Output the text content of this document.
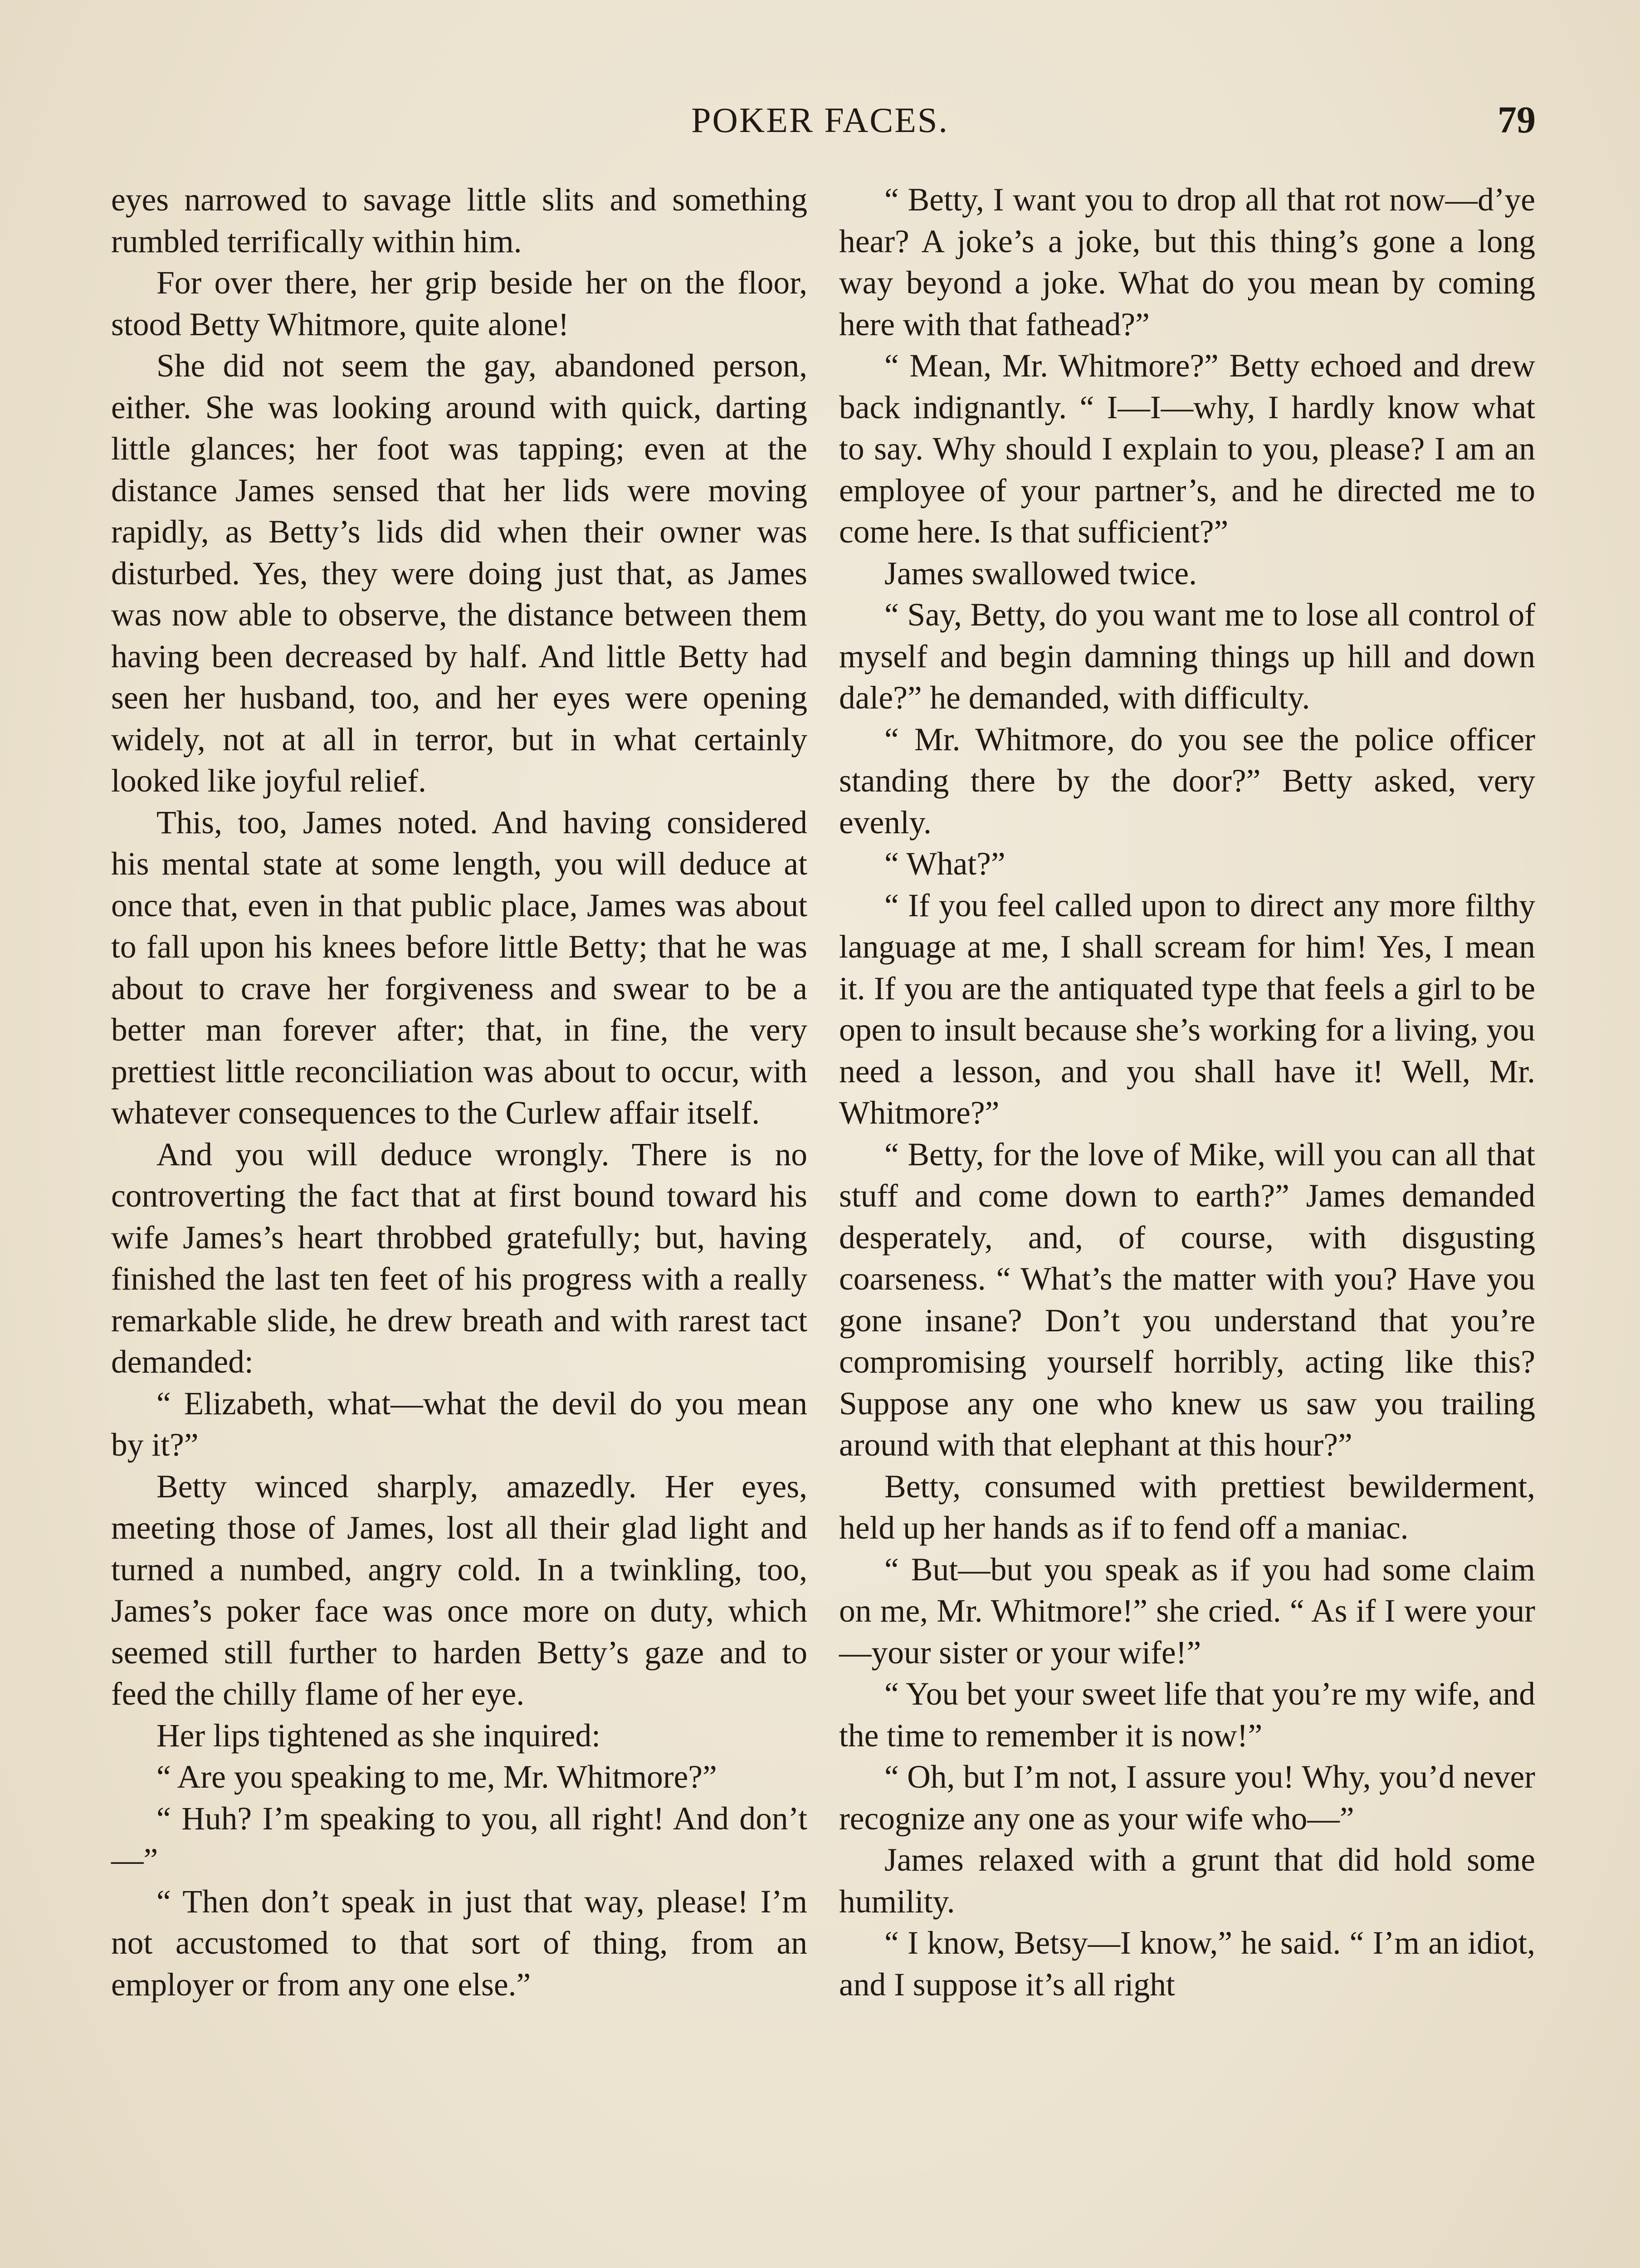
POKER FACES.	79

eyes narrowed to savage little slits and something rumbled terrifically within him.

For over there, her grip beside her on the floor, stood Betty Whitmore, quite alone!

She did not seem the gay, abandoned person, either. She was looking around with quick, darting little glances; her foot was tapping; even at the distance James sensed that her lids were moving rapidly, as Betty’s lids did when their owner was disturbed. Yes, they were doing just that, as James was now able to observe, the distance between them having been decreased by half. And little Betty had seen her husband, too, and her eyes were opening widely, not at all in terror, but in what certainly looked like joyful relief.

This, too, James noted. And having considered his mental state at some length, you will deduce at once that, even in that public place, James was about to fall upon his knees before little Betty; that he was about to crave her forgiveness and swear to be a better man forever after; that, in fine, the very prettiest little reconciliation was about to occur, with whatever consequences to the Curlew affair itself.

And you will deduce wrongly. There is no controverting the fact that at first bound toward his wife James’s heart throbbed gratefully; but, having finished the last ten feet of his progress with a really remarkable slide, he drew breath and with rarest tact demanded:

“ Elizabeth, what—what the devil do you mean by it?”

Betty winced sharply, amazedly. Her eyes, meeting those of James, lost all their glad light and turned a numbed, angry cold. In a twinkling, too, James’s poker face was once more on duty, which seemed still further to harden Betty’s gaze and to feed the chilly flame of her eye.

Her lips tightened as she inquired:

“ Are you speaking to me, Mr. Whitmore?”

“ Huh? I’m speaking to you, all right! And don’t—”

“ Then don’t speak in just that way, please! I’m not accustomed to that sort of thing, from an employer or from any one else.”

“ Betty, I want you to drop all that rot now—d’ye hear? A joke’s a joke, but this thing’s gone a long way beyond a joke. What do you mean by coming here with that fathead?”

“ Mean, Mr. Whitmore?” Betty echoed and drew back indignantly. “ I—I—why, I hardly know what to say. Why should I explain to you, please? I am an employee of your partner’s, and he directed me to come here. Is that sufficient?”

James swallowed twice.

“ Say, Betty, do you want me to lose all control of myself and begin damning things up hill and down dale?” he demanded, with difficulty.

“ Mr. Whitmore, do you see the police officer standing there by the door?” Betty asked, very evenly.

“ What?”

“ If you feel called upon to direct any more filthy language at me, I shall scream for him! Yes, I mean it. If you are the antiquated type that feels a girl to be open to insult because she’s working for a living, you need a lesson, and you shall have it! Well, Mr. Whitmore?”

“ Betty, for the love of Mike, will you can all that stuff and come down to earth?” James demanded desperately, and, of course, with disgusting coarseness. “ What’s the matter with you? Have you gone insane? Don’t you understand that you’re compromising yourself horribly, acting like this? Suppose any one who knew us saw you trailing around with that elephant at this hour?”

Betty, consumed with prettiest bewilderment, held up her hands as if to fend off a maniac.

“ But—but you speak as if you had some claim on me, Mr. Whitmore!” she cried. “ As if I were your—your sister or your wife!”

“ You bet your sweet life that you’re my wife, and the time to remember it is now!”

“ Oh, but I’m not, I assure you! Why, you’d never recognize any one as your wife who—”

James relaxed with a grunt that did hold some humility.

“ I know, Betsy—I know,” he said. “ I’m an idiot, and I suppose it’s all right
